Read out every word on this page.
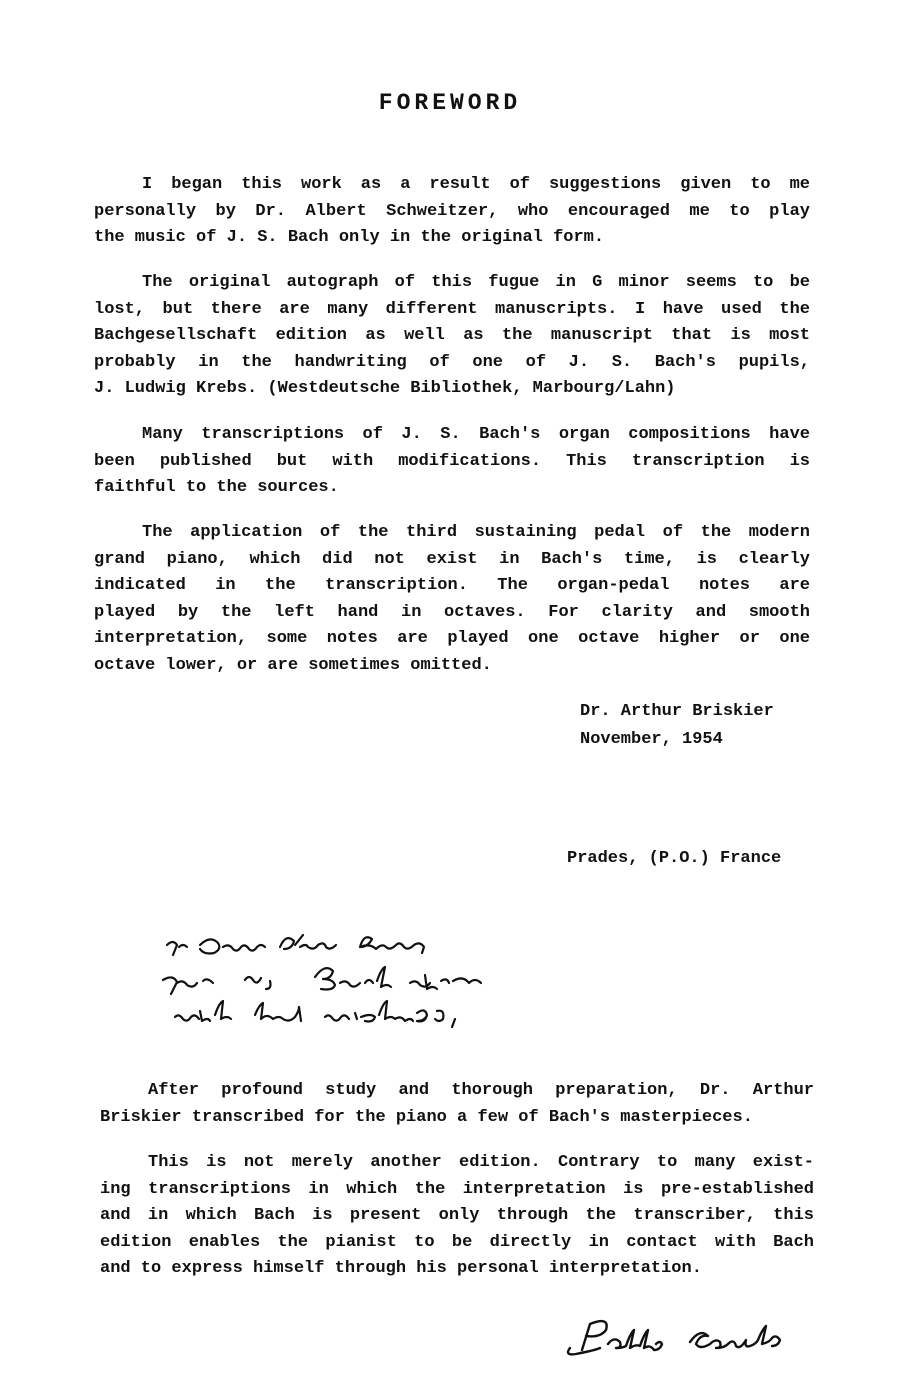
FOREWORD

I began this work as a result of suggestions given to me
personally by Dr. Albert Schweitzer, who encouraged me to play
the music of J. S. Bach only in the original form.

The original autograph of this fugue in G minor seems to be
lost, but there are many different manuscripts. I have used the
Bachgesellschaft edition as well as the manuscript that is most
probably in the handwriting of one of J. S. Bach's pupils,
J. Ludwig Krebs. (Westdeutsche Bibliothek, Marbourg/Lahn)

Many transcriptions of J. S. Bach's organ compositions have
been published but with modifications. This transcription is
faithful to the sources.

The application of the third sustaining pedal of the modern
grand piano, which did not exist in Bach's time, is clearly
indicated in the transcription. The organ-pedal notes are
played by the left hand in octaves. For clarity and smooth
interpretation, some notes are played one octave higher or one
octave lower, or are sometimes omitted.

Dr. Arthur Briskier
November, 1954
Prades, (P.O.) France

After profound study and thorough preparation, Dr. Arthur
Briskier transcribed for the piano a few of Bach's masterpieces.

This is not merely another edition. Contrary to many exist-
ing transcriptions in which the interpretation is pre-established
and in which Bach is present only through the transcriber, this
edition enables the pianist to be directly in contact with Bach
and to express himself through his personal interpretation.
